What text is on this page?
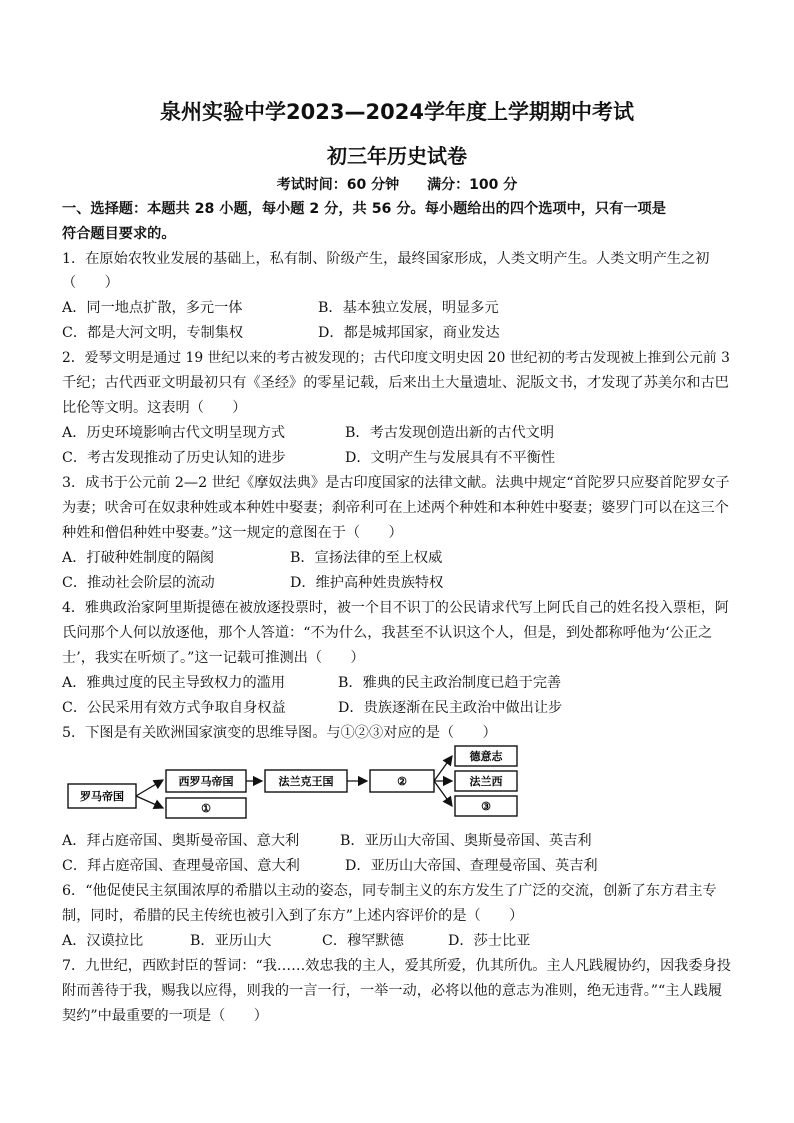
泉州实验中学2023—2024学年度上学期期中考试
初三年历史试卷
考试时间：60 分钟　　满分：100 分
一、选择题：本题共 28 小题，每小题 2 分，共 56 分。每小题给出的四个选项中，只有一项是
符合题目要求的。
1．在原始农牧业发展的基础上，私有制、阶级产生，最终国家形成，人类文明产生。人类文明产生之初
（　　）
A．同一地点扩散，多元一体	B．基本独立发展，明显多元
C．都是大河文明，专制集权	D．都是城邦国家，商业发达
2．爱琴文明是通过 19 世纪以来的考古被发现的；古代印度文明史因 20 世纪初的考古发现被上推到公元前 3
千纪；古代西亚文明最初只有《圣经》的零星记载，后来出土大量遗址、泥版文书，才发现了苏美尔和古巴
比伦等文明。这表明（　　）
A．历史环境影响古代文明呈现方式	B．考古发现创造出新的古代文明
C．考古发现推动了历史认知的进步	D．文明产生与发展具有不平衡性
3．成书于公元前 2—2 世纪《摩奴法典》是古印度国家的法律文献。法典中规定“首陀罗只应娶首陀罗女子
为妻；吠舍可在奴隶种姓或本种姓中娶妻；刹帝利可在上述两个种姓和本种姓中娶妻；婆罗门可以在这三个
种姓和僧侣种姓中娶妻。”这一规定的意图在于（　　）
A．打破种姓制度的隔阂	B．宣扬法律的至上权威
C．推动社会阶层的流动	D．维护高种姓贵族特权
4．雅典政治家阿里斯提德在被放逐投票时，被一个目不识丁的公民请求代写上阿氏自己的姓名投入票柜，阿
氏问那个人何以放逐他，那个人答道：“不为什么，我甚至不认识这个人，但是，到处都称呼他为‘公正之
士’，我实在听烦了。”这一记载可推测出（　　）
A．雅典过度的民主导致权力的滥用	B．雅典的民主政治制度已趋于完善
C．公民采用有效方式争取自身权益	D．贵族逐渐在民主政治中做出让步
5．下图是有关欧洲国家演变的思维导图。与①②③对应的是（　　）
罗马帝国
西罗马帝国
①
法兰克王国	②
德意志
法兰西
③
A．拜占庭帝国、奥斯曼帝国、意大利	B．亚历山大帝国、奥斯曼帝国、英吉利
C．拜占庭帝国、查理曼帝国、意大利	D．亚历山大帝国、查理曼帝国、英吉利
6．“他促使民主氛围浓厚的希腊以主动的姿态，同专制主义的东方发生了广泛的交流，创新了东方君主专
制，同时，希腊的民主传统也被引入到了东方”上述内容评价的是（　　）
A．汉谟拉比	B．亚历山大	C．穆罕默德	D．莎士比亚
7．九世纪，西欧封臣的誓词：“我……效忠我的主人，爱其所爱，仇其所仇。主人凡践履协约，因我委身投
附而善待于我，赐我以应得，则我的一言一行，一举一动，必将以他的意志为准则，绝无违背。”“主人践履
契约”中最重要的一项是（　　）
